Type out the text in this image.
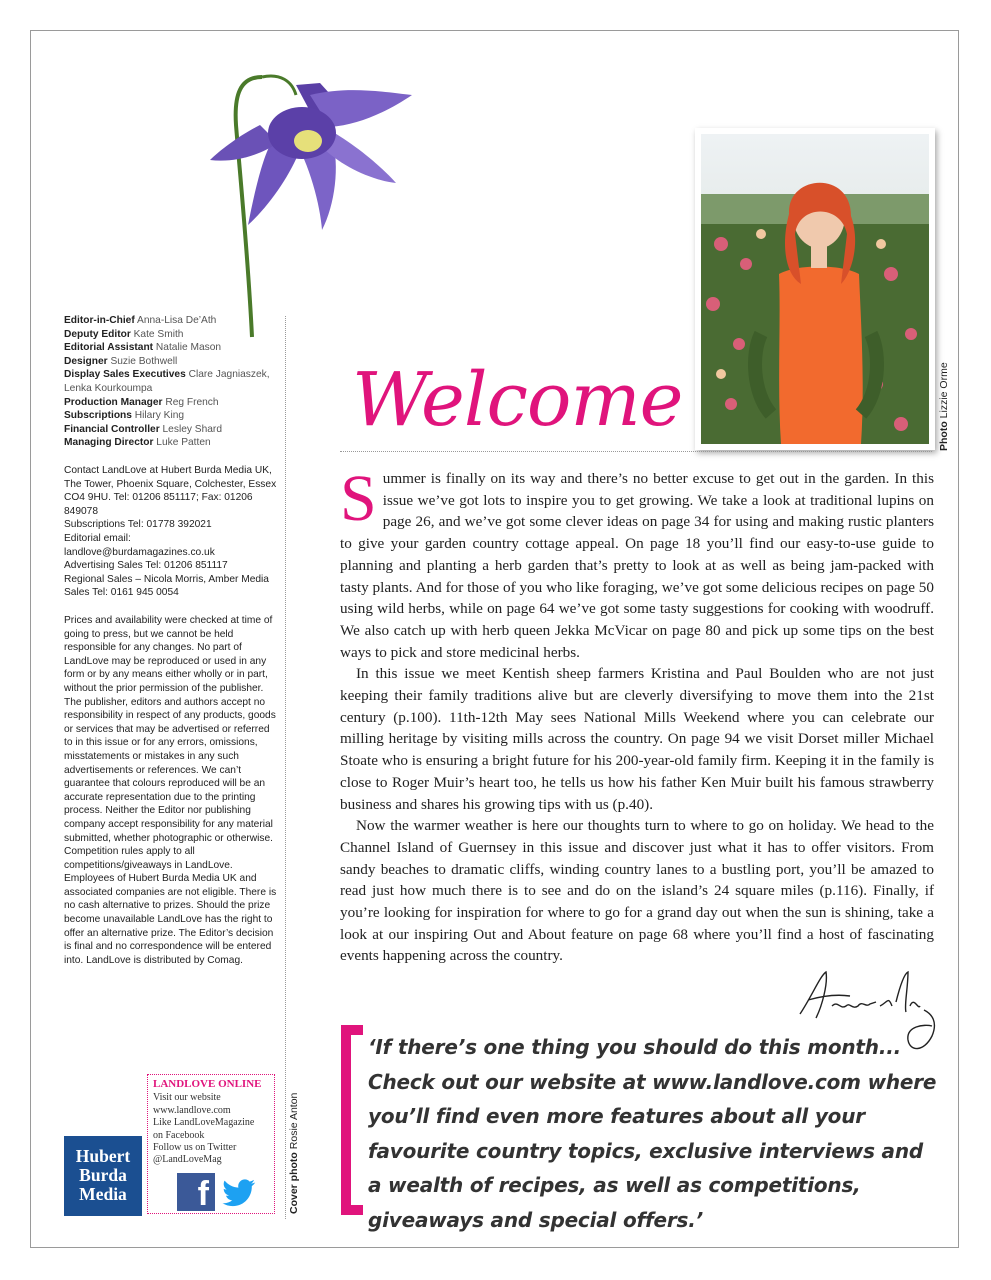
Editor-in-Chief Anna-Lisa De’Ath
Deputy Editor Kate Smith
Editorial Assistant Natalie Mason
Designer Suzie Bothwell
Display Sales Executives Clare Jagniaszek, Lenka Kourkoumpa
Production Manager Reg French
Subscriptions Hilary King
Financial Controller Lesley Shard
Managing Director Luke Patten
Contact LandLove at Hubert Burda Media UK, The Tower, Phoenix Square, Colchester, Essex CO4 9HU. Tel: 01206 851117; Fax: 01206 849078
Subscriptions Tel: 01778 392021
Editorial email: landlove@burdamagazines.co.uk
Advertising Sales Tel: 01206 851117
Regional Sales – Nicola Morris, Amber Media Sales Tel: 0161 945 0054
Prices and availability were checked at time of going to press, but we cannot be held responsible for any changes. No part of LandLove may be reproduced or used in any form or by any means either wholly or in part, without the prior permission of the publisher. The publisher, editors and authors accept no responsibility in respect of any products, goods or services that may be advertised or referred to in this issue or for any errors, omissions, misstatements or mistakes in any such advertisements or references. We can’t guarantee that colours reproduced will be an accurate representation due to the printing process. Neither the Editor nor publishing company accept responsibility for any material submitted, whether photographic or otherwise. Competition rules apply to all competitions/giveaways in LandLove. Employees of Hubert Burda Media UK and associated companies are not eligible. There is no cash alternative to prizes. Should the prize become unavailable LandLove has the right to offer an alternative prize. The Editor’s decision is final and no correspondence will be entered into. LandLove is distributed by Comag.
LANDLOVE ONLINE
Visit our website
www.landlove.com
Like LandLoveMagazine
on Facebook
Follow us on Twitter
@LandLoveMag
f
Hubert
Burda
Media	Cover photo Rosie Anton
Photo Lizzie Orme
Welcome

Summer is finally on its way and there’s no better excuse to get out in the garden. In this issue we’ve got lots to inspire you to get growing. We take a look at traditional lupins on page 26, and we’ve got some clever ideas on page 34 for using and making rustic planters to give your garden country cottage appeal. On page 18 you’ll find our easy-to-use guide to planning and planting a herb garden that’s pretty to look at as well as being jam-packed with tasty plants. And for those of you who like foraging, we’ve got some delicious recipes on page 50 using wild herbs, while on page 64 we’ve got some tasty suggestions for cooking with woodruff. We also catch up with herb queen Jekka McVicar on page 80 and pick up some tips on the best ways to pick and store medicinal herbs.

In this issue we meet Kentish sheep farmers Kristina and Paul Boulden who are not just keeping their family traditions alive but are cleverly diversifying to move them into the 21st century (p.100). 11th-12th May sees National Mills Weekend where you can celebrate our milling heritage by visiting mills across the country. On page 94 we visit Dorset miller Michael Stoate who is ensuring a bright future for his 200-year-old family firm. Keeping it in the family is close to Roger Muir’s heart too, he tells us how his father Ken Muir built his famous strawberry business and shares his growing tips with us (p.40).

Now the warmer weather is here our thoughts turn to where to go on holiday. We head to the Channel Island of Guernsey in this issue and discover just what it has to offer visitors. From sandy beaches to dramatic cliffs, winding country lanes to a bustling port, you’ll be amazed to read just how much there is to see and do on the island’s 24 square miles (p.116). Finally, if you’re looking for inspiration for where to go for a grand day out when the sun is shining, take a look at our inspiring Out and About feature on page 68 where you’ll find a host of fascinating events happening across the country.

‘If there’s one thing you should do this month... Check out our website at www.landlove.com where you’ll find even more features about all your favourite country topics, exclusive interviews and a wealth of recipes, as well as competitions, giveaways and special offers.’
